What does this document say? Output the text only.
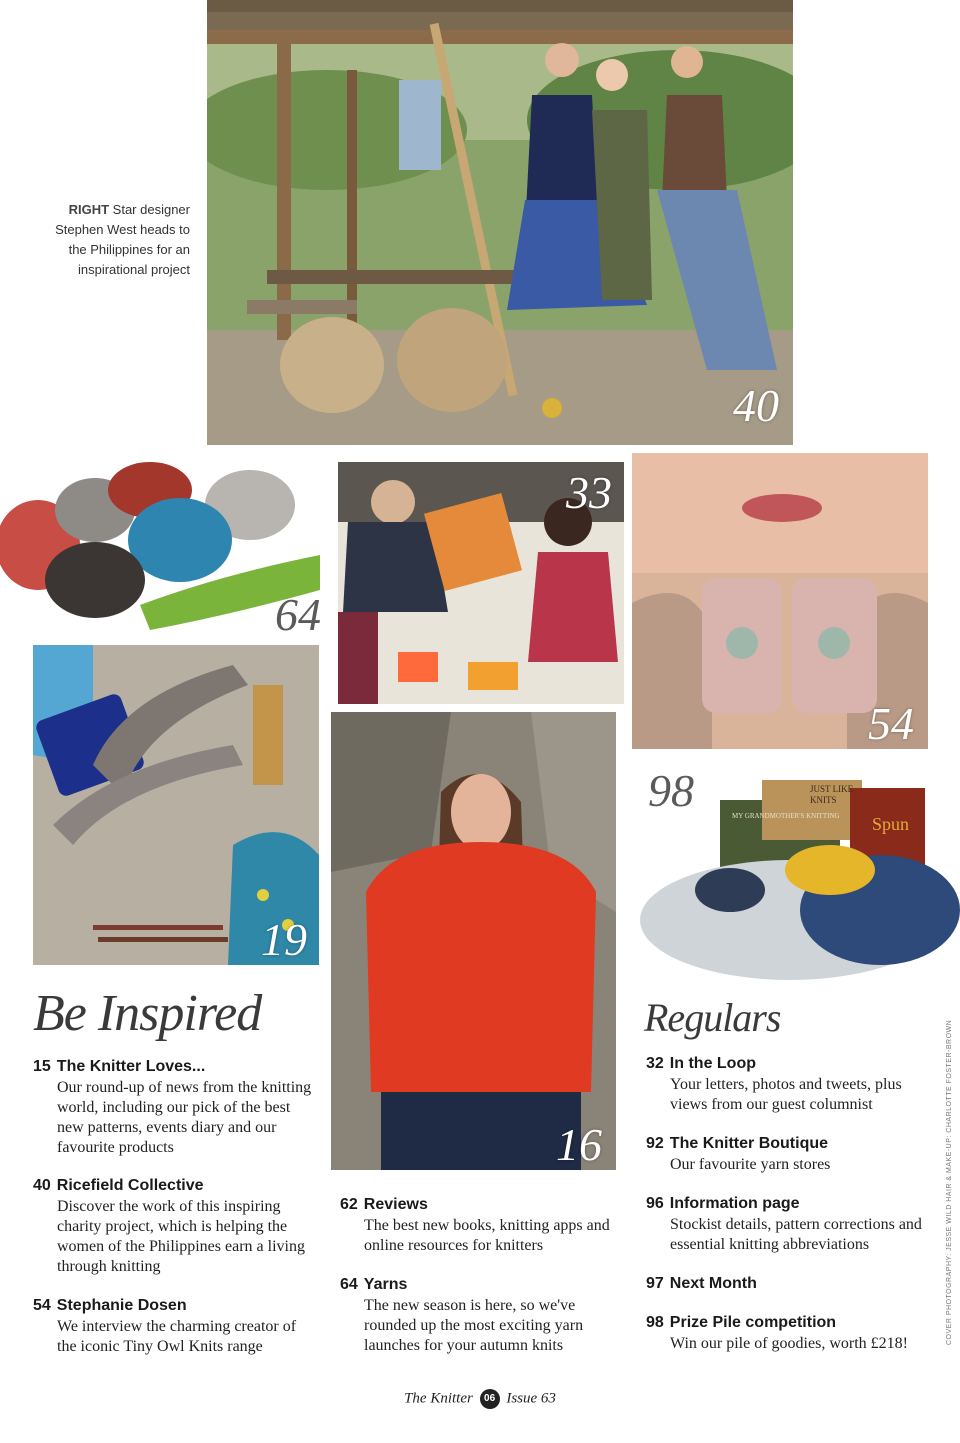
40
RIGHT Star designer Stephen West heads to the Philippines for an inspirational project
64
33
54
19
16
98	MY GRANDMOTHER'S KNITTING
JUST LIKE KNITS
Spun
Be Inspired
15 The Knitter Loves...
Our round-up of news from the knitting world, including our pick of the best new patterns, events diary and our favourite products
40 Ricefield Collective
Discover the work of this inspiring charity project, which is helping the women of the Philippines earn a living through knitting
54 Stephanie Dosen
We interview the charming creator of the iconic Tiny Owl Knits range
62 Reviews
The best new books, knitting apps and online resources for knitters
64 Yarns
The new season is here, so we've rounded up the most exciting yarn launches for your autumn knits
Regulars
32 In the Loop
Your letters, photos and tweets, plus views from our guest columnist
92 The Knitter Boutique
Our favourite yarn stores
96 Information page
Stockist details, pattern corrections and essential knitting abbreviations
97 Next Month
98 Prize Pile competition
Win our pile of goodies, worth £218!
The Knitter 06 Issue 63
COVER PHOTOGRAPHY: JESSE WILD HAIR & MAKE-UP: CHARLOTTE FOSTER-BROWN
